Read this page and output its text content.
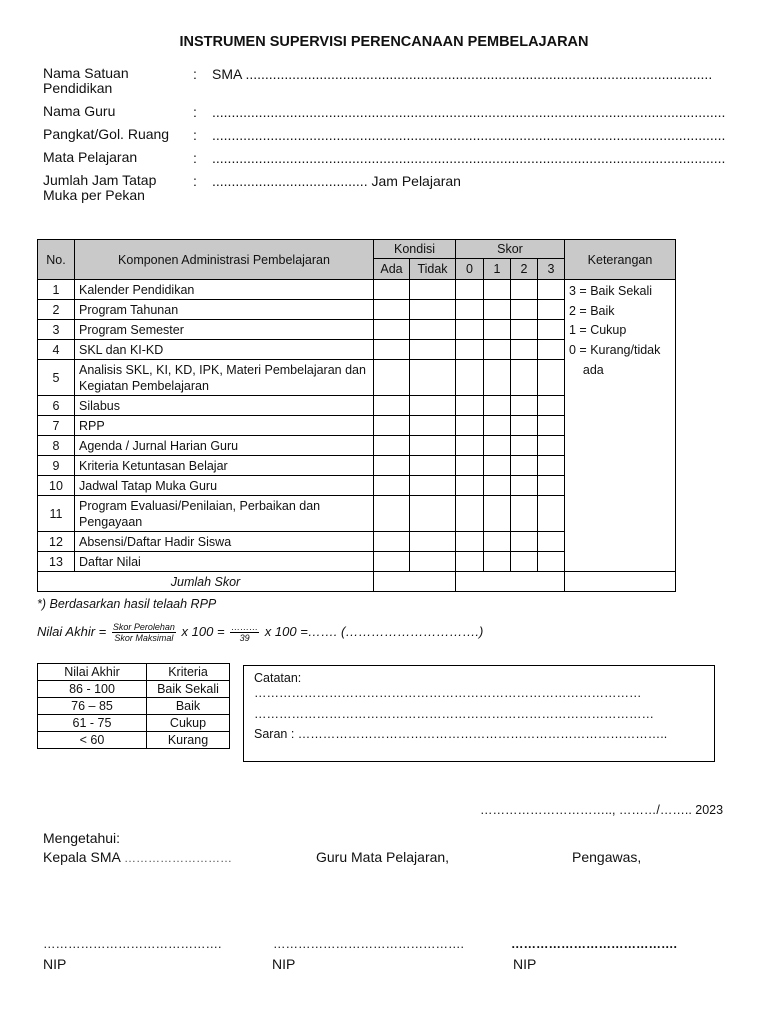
INSTRUMEN SUPERVISI PERENCANAAN PEMBELAJARAN
Nama Satuan
Pendidikan
: SMA ........................................................................................................................
Nama Guru	: ....................................................................................................................................
Pangkat/Gol. Ruang : ....................................................................................................................................
Mata Pelajaran	: ....................................................................................................................................
Jumlah Jam Tatap
Muka per Pekan
: ........................................ Jam Pelajaran
No.	Komponen Administrasi Pembelajaran	Kondisi		Skor				Keterangan
		Ada	Tidak	0	1	2	3	
1	Kalender Pendidikan							3 = Baik Sekali
2 = Baik
1 = Cukup
0 = Kurang/tidak
ada

2	Program Tahunan							
3	Program Semester							
4	SKL dan KI-KD							
5	Analisis SKL, KI, KD, IPK, Materi Pembelajaran dan Kegiatan Pembelajaran							
6	Silabus							
7	RPP							
8	Agenda / Jurnal Harian Guru							
9	Kriteria Ketuntasan Belajar							
10	Jadwal Tatap Muka Guru							
11	Program Evaluasi/Penilaian, Perbaikan dan Pengayaan							
12	Absensi/Daftar Hadir Siswa							
13	Daftar Nilai							
Jumlah Skor								
*) Berdasarkan hasil telaah RPP
Nilai Akhir = $\frac{\text{Skor Perolehan}}{\text{Skor Maksimal}}$ x $100 = \frac{\dots\dots\dots}{39}$ x 100 =……. (………………………….)
Nilai Akhir	Kriteria
86 - 100	Baik Sekali
76 – 85	Baik
61 - 75	Cukup
< 60	Kurang
Catatan:
…………………………………………………………………………………
……………………………………………………………………………………
Saran : ……………………………………………………………………………..
………………………….., ………/…….. 2023
Mengetahui:
Kepala SMA ………………………	Guru Mata Pelajaran,	Pengawas,
…………………………………….	……………………………………….	………………………………….
NIP	NIP	NIP
